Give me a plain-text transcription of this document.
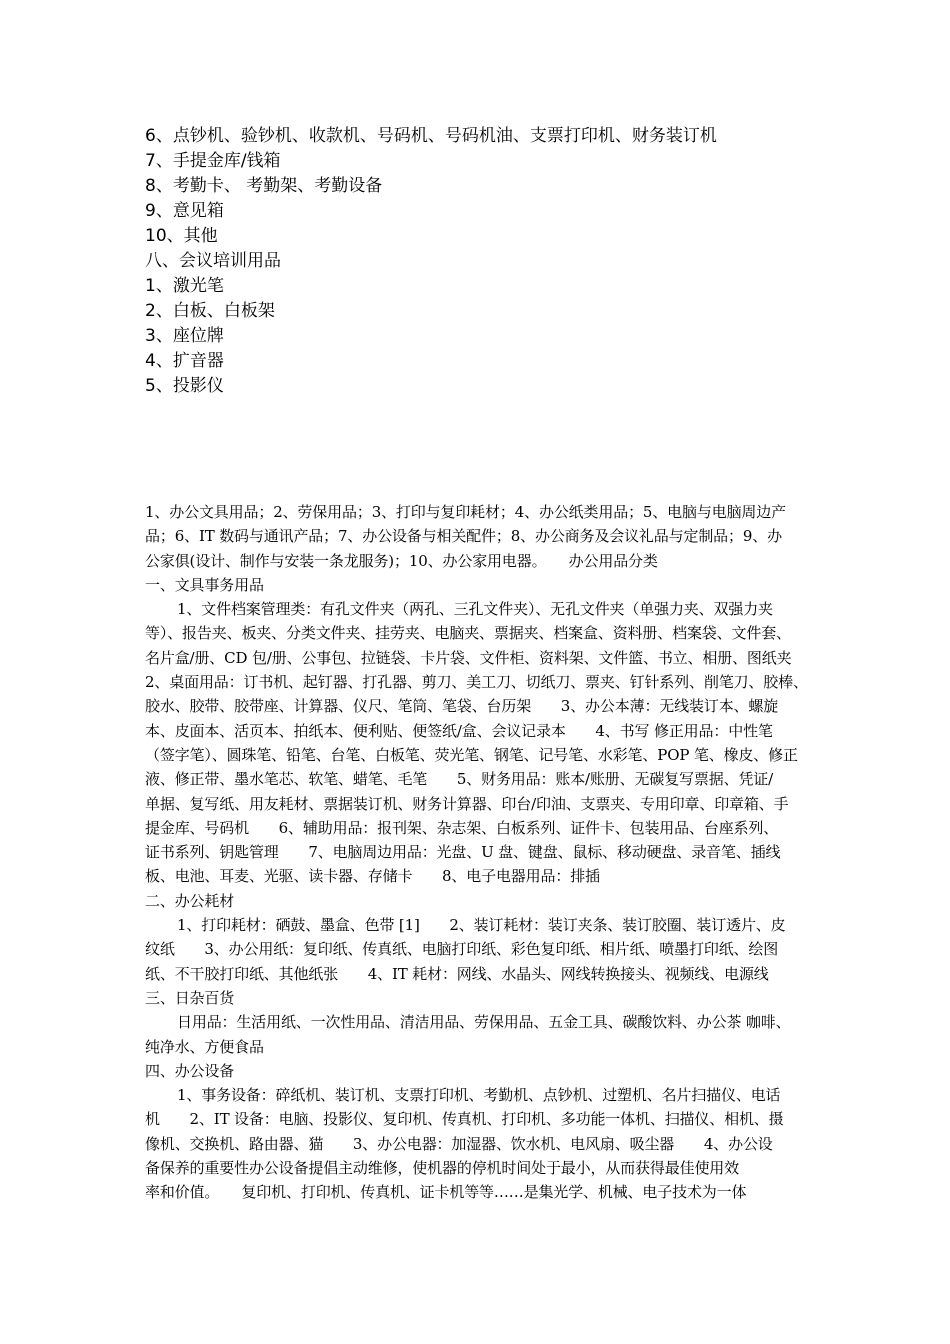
6、点钞机、验钞机、收款机、号码机、号码机油、支票打印机、财务装订机
7、手提金库/钱箱
8、考勤卡、 考勤架、考勤设备
9、意见箱
10、其他
八、会议培训用品
1、激光笔
2、白板、白板架
3、座位牌
4、扩音器
5、投影仪
1、办公文具用品；2、劳保用品；3、打印与复印耗材；4、办公纸类用品；5、电脑与电脑周边产
品；6、IT 数码与通讯产品；7、办公设备与相关配件；8、办公商务及会议礼品与定制品；9、办
公家俱(设计、制作与安装一条龙服务)；10、办公家用电器。　　办公用品分类
一、文具事务用品
1、文件档案管理类：有孔文件夹（两孔、三孔文件夹）、无孔文件夹（单强力夹、双强力夹
等）、报告夹、板夹、分类文件夹、挂劳夹、电脑夹、票据夹、档案盒、资料册、档案袋、文件套、
名片盒/册、CD 包/册、公事包、拉链袋、卡片袋、文件柜、资料架、文件篮、书立、相册、图纸夹
2、桌面用品：订书机、起钉器、打孔器、剪刀、美工刀、切纸刀、票夹、钉针系列、削笔刀、胶棒、
胶水、胶带、胶带座、计算器、仪尺、笔筒、笔袋、台历架　　3、办公本薄：无线装订本、螺旋
本、皮面本、活页本、拍纸本、便利贴、便签纸/盒、会议记录本　　4、书写 修正用品：中性笔
（签字笔）、圆珠笔、铅笔、台笔、白板笔、荧光笔、钢笔、记号笔、水彩笔、POP 笔、橡皮、修正
液、修正带、墨水笔芯、软笔、蜡笔、毛笔　　5、财务用品：账本/账册、无碳复写票据、凭证/
单据、复写纸、用友耗材、票据装订机、财务计算器、印台/印油、支票夹、专用印章、印章箱、手
提金库、号码机　　6、辅助用品：报刊架、杂志架、白板系列、证件卡、包装用品、台座系列、
证书系列、钥匙管理　　7、电脑周边用品：光盘、U 盘、键盘、鼠标、移动硬盘、录音笔、插线
板、电池、耳麦、光驱、读卡器、存储卡　　8、电子电器用品：排插
二、办公耗材
1、打印耗材：硒鼓、墨盒、色带 [1]　　2、装订耗材：装订夹条、装订胶圈、装订透片、皮
纹纸　　3、办公用纸：复印纸、传真纸、电脑打印纸、彩色复印纸、相片纸、喷墨打印纸、绘图
纸、不干胶打印纸、其他纸张　　4、IT 耗材：网线、水晶头、网线转换接头、视频线、电源线
三、日杂百货
日用品：生活用纸、一次性用品、清洁用品、劳保用品、五金工具、碳酸饮料、办公茶 咖啡、
纯净水、方便食品
四、办公设备
1、事务设备：碎纸机、装订机、支票打印机、考勤机、点钞机、过塑机、名片扫描仪、电话
机　　2、IT 设备：电脑、投影仪、复印机、传真机、打印机、多功能一体机、扫描仪、相机、摄
像机、交换机、路由器、猫　　3、办公电器：加湿器、饮水机、电风扇、吸尘器　　4、办公设
备保养的重要性办公设备提倡主动维修，使机器的停机时间处于最小，从而获得最佳使用效
率和价值。　　复印机、打印机、传真机、证卡机等等……是集光学、机械、电子技术为一体
